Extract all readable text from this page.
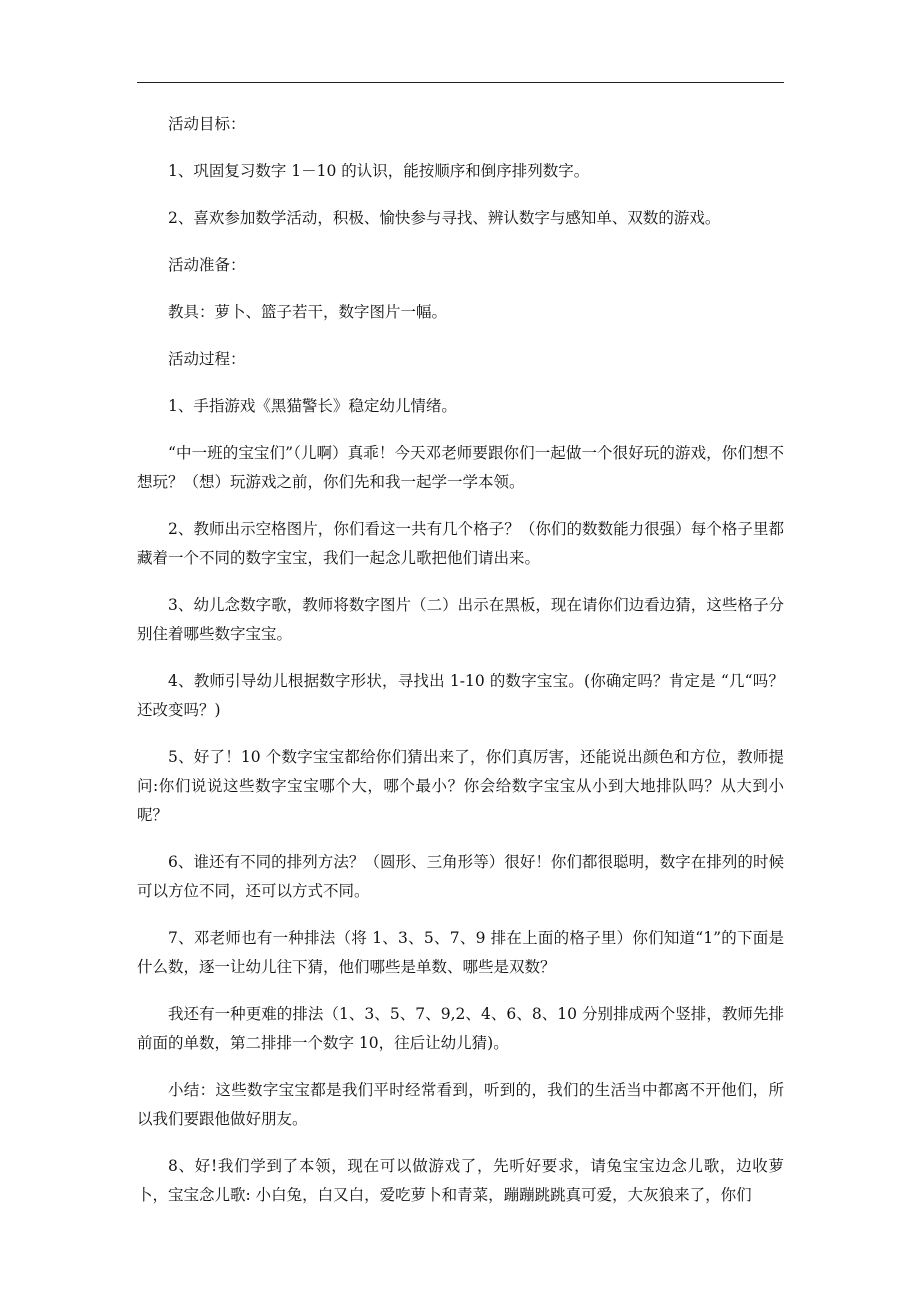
活动目标：

1、巩固复习数字 1－10 的认识，能按顺序和倒序排列数字。

2、喜欢参加数学活动，积极、愉快参与寻找、辨认数字与感知单、双数的游戏。

活动准备：

教具：萝卜、篮子若干，数字图片一幅。

活动过程：

1、手指游戏《黑猫警长》稳定幼儿情绪。

“中一班的宝宝们”（儿啊）真乖！今天邓老师要跟你们一起做一个很好玩的游戏，你们想不想玩？（想）玩游戏之前，你们先和我一起学一学本领。

2、教师出示空格图片，你们看这一共有几个格子？（你们的数数能力很强）每个格子里都藏着一个不同的数字宝宝，我们一起念儿歌把他们请出来。

3、幼儿念数字歌，教师将数字图片（二）出示在黑板，现在请你们边看边猜，这些格子分别住着哪些数字宝宝。

4、教师引导幼儿根据数字形状，寻找出 1-10 的数字宝宝。(你确定吗？肯定是 “几“吗？还改变吗？)

5、好了！10 个数字宝宝都给你们猜出来了，你们真厉害，还能说出颜色和方位，教师提问:你们说说这些数字宝宝哪个大，哪个最小？你会给数字宝宝从小到大地排队吗？从大到小呢？

6、谁还有不同的排列方法？（圆形、三角形等）很好！你们都很聪明，数字在排列的时候可以方位不同，还可以方式不同。

7、邓老师也有一种排法（将 1、3、5、7、9 排在上面的格子里）你们知道“1”的下面是什么数，逐一让幼儿往下猜，他们哪些是单数、哪些是双数？

我还有一种更难的排法（1、3、5、7、9,2、4、6、8、10 分别排成两个竖排，教师先排前面的单数，第二排排一个数字 10，往后让幼儿猜)。

小结：这些数字宝宝都是我们平时经常看到，听到的，我们的生活当中都离不开他们，所以我们要跟他做好朋友。

8、好!我们学到了本领，现在可以做游戏了，先听好要求，请兔宝宝边念儿歌，边收萝卜，宝宝念儿歌: 小白兔，白又白，爱吃萝卜和青菜，蹦蹦跳跳真可爱，大灰狼来了，你们
